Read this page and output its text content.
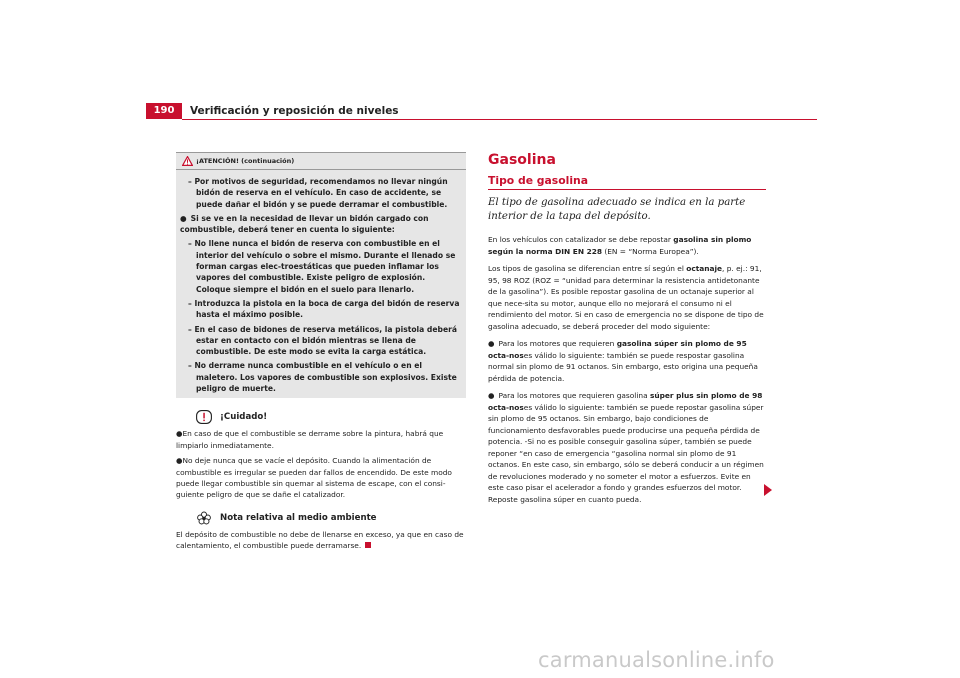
190	Verificación y reposición de niveles
¡ATENCIÓN! (continuación)
– Por motivos de seguridad, recomendamos no llevar ningún bidón de reserva en el vehículo. En caso de accidente, se puede dañar el bidón y se puede derramar el combustible.
● Si se ve en la necesidad de llevar un bidón cargado con combustible, deberá tener en cuenta lo siguiente:
– No llene nunca el bidón de reserva con combustible en el interior del vehículo o sobre el mismo. Durante el llenado se forman cargas elec-troestáticas que pueden inflamar los vapores del combustible. Existe peligro de explosión. Coloque siempre el bidón en el suelo para llenarlo.
– Introduzca la pistola en la boca de carga del bidón de reserva hasta el máximo posible.
– En el caso de bidones de reserva metálicos, la pistola deberá estar en contacto con el bidón mientras se llena de combustible. De este modo se evita la carga estática.
– No derrame nunca combustible en el vehículo o en el maletero. Los vapores de combustible son explosivos. Existe peligro de muerte.
¡Cuidado!
●En caso de que el combustible se derrame sobre la pintura, habrá que limpiarlo inmediatamente.
●No deje nunca que se vacíe el depósito. Cuando la alimentación de combustible es irregular se pueden dar fallos de encendido. De este modo puede llegar combustible sin quemar al sistema de escape, con el consi-guiente peligro de que se dañe el catalizador.
Nota relativa al medio ambiente
El depósito de combustible no debe de llenarse en exceso, ya que en caso de calentamiento, el combustible puede derramarse.
Gasolina
Tipo de gasolina
El tipo de gasolina adecuado se indica en la parte interior de la tapa del depósito.
En los vehículos con catalizador se debe repostar gasolina sin plomo según la norma DIN EN 228 (EN = “Norma Europea”).
Los tipos de gasolina se diferencian entre sí según el octanaje, p. ej.: 91, 95, 98 ROZ (ROZ = “unidad para determinar la resistencia antidetonante de la gasolina”). Es posible repostar gasolina de un octanaje superior al que nece-sita su motor, aunque ello no mejorará el consumo ni el rendimiento del motor. Si en caso de emergencia no se dispone de tipo de gasolina adecuado, se deberá proceder del modo siguiente:
● Para los motores que requieren gasolina súper sin plomo de 95 octa-noses válido lo siguiente: también se puede respostar gasolina normal sin plomo de 91 octanos. Sin embargo, esto origina una pequeña pérdida de potencia.
● Para los motores que requieren gasolina súper plus sin plomo de 98 octa-noses válido lo siguiente: también se puede repostar gasolina súper sin plomo de 95 octanos. Sin embargo, bajo condiciones de funcionamiento desfavorables puede producirse una pequeña pérdida de potencia. -Si no es posible conseguir gasolina súper, también se puede reponer “en caso de emergencia “gasolina normal sin plomo de 91 octanos. En este caso, sin embargo, sólo se deberá conducir a un régimen de revoluciones moderado y no someter el motor a esfuerzos. Evite en este caso pisar el acelerador a fondo y grandes esfuerzos del motor. Reposte gasolina súper en cuanto pueda.
carmanualsonline.info
